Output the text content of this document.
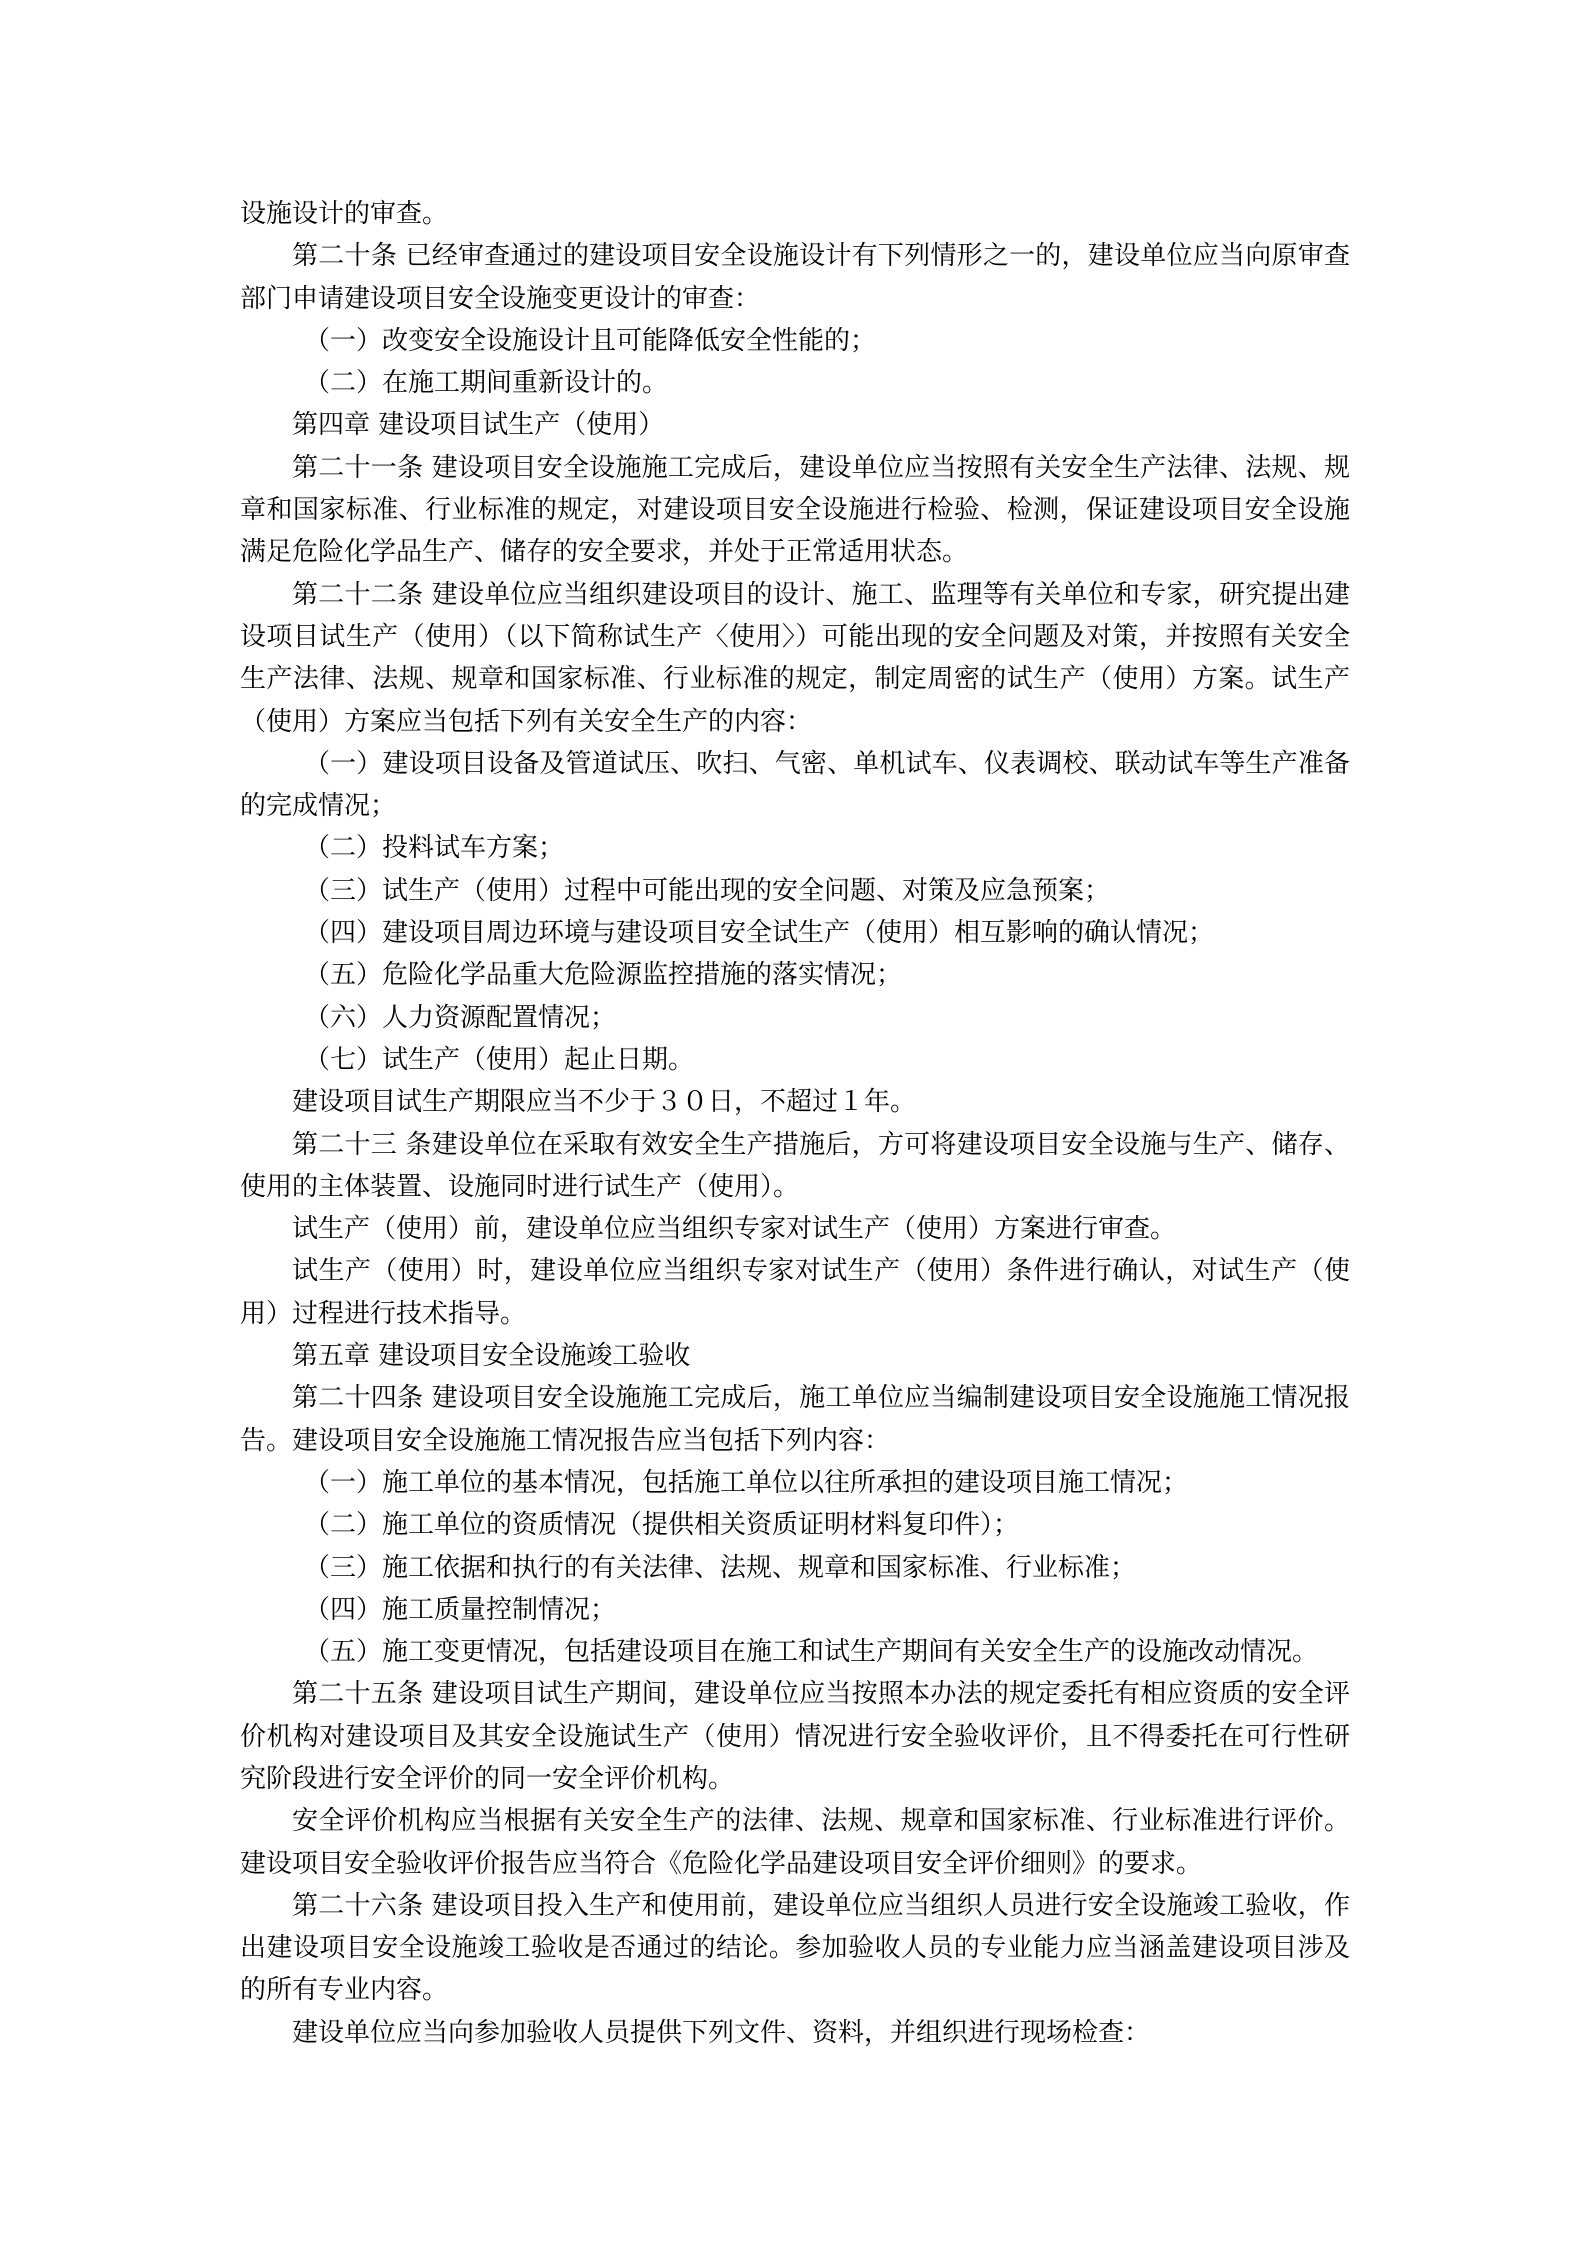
设施设计的审查。

第二十条 已经审查通过的建设项目安全设施设计有下列情形之一的，建设单位应当向原审查部门申请建设项目安全设施变更设计的审查：

（一）改变安全设施设计且可能降低安全性能的；

（二）在施工期间重新设计的。

第四章 建设项目试生产（使用）

第二十一条 建设项目安全设施施工完成后，建设单位应当按照有关安全生产法律、法规、规章和国家标准、行业标准的规定，对建设项目安全设施进行检验、检测，保证建设项目安全设施满足危险化学品生产、储存的安全要求，并处于正常适用状态。

第二十二条 建设单位应当组织建设项目的设计、施工、监理等有关单位和专家，研究提出建设项目试生产（使用）（以下简称试生产〈使用〉）可能出现的安全问题及对策，并按照有关安全生产法律、法规、规章和国家标准、行业标准的规定，制定周密的试生产（使用）方案。试生产（使用）方案应当包括下列有关安全生产的内容：

（一）建设项目设备及管道试压、吹扫、气密、单机试车、仪表调校、联动试车等生产准备的完成情况；

（二）投料试车方案；

（三）试生产（使用）过程中可能出现的安全问题、对策及应急预案；

（四）建设项目周边环境与建设项目安全试生产（使用）相互影响的确认情况；

（五）危险化学品重大危险源监控措施的落实情况；

（六）人力资源配置情况；

（七）试生产（使用）起止日期。

建设项目试生产期限应当不少于３０日，不超过１年。

第二十三 条建设单位在采取有效安全生产措施后，方可将建设项目安全设施与生产、储存、使用的主体装置、设施同时进行试生产（使用）。

试生产（使用）前，建设单位应当组织专家对试生产（使用）方案进行审查。

试生产（使用）时，建设单位应当组织专家对试生产（使用）条件进行确认，对试生产（使用）过程进行技术指导。

第五章 建设项目安全设施竣工验收

第二十四条 建设项目安全设施施工完成后，施工单位应当编制建设项目安全设施施工情况报告。建设项目安全设施施工情况报告应当包括下列内容：

（一）施工单位的基本情况，包括施工单位以往所承担的建设项目施工情况；

（二）施工单位的资质情况（提供相关资质证明材料复印件）；

（三）施工依据和执行的有关法律、法规、规章和国家标准、行业标准；

（四）施工质量控制情况；

（五）施工变更情况，包括建设项目在施工和试生产期间有关安全生产的设施改动情况。

第二十五条 建设项目试生产期间，建设单位应当按照本办法的规定委托有相应资质的安全评价机构对建设项目及其安全设施试生产（使用）情况进行安全验收评价，且不得委托在可行性研究阶段进行安全评价的同一安全评价机构。

安全评价机构应当根据有关安全生产的法律、法规、规章和国家标准、行业标准进行评价。建设项目安全验收评价报告应当符合《危险化学品建设项目安全评价细则》的要求。

第二十六条 建设项目投入生产和使用前，建设单位应当组织人员进行安全设施竣工验收，作出建设项目安全设施竣工验收是否通过的结论。参加验收人员的专业能力应当涵盖建设项目涉及的所有专业内容。

建设单位应当向参加验收人员提供下列文件、资料，并组织进行现场检查：
